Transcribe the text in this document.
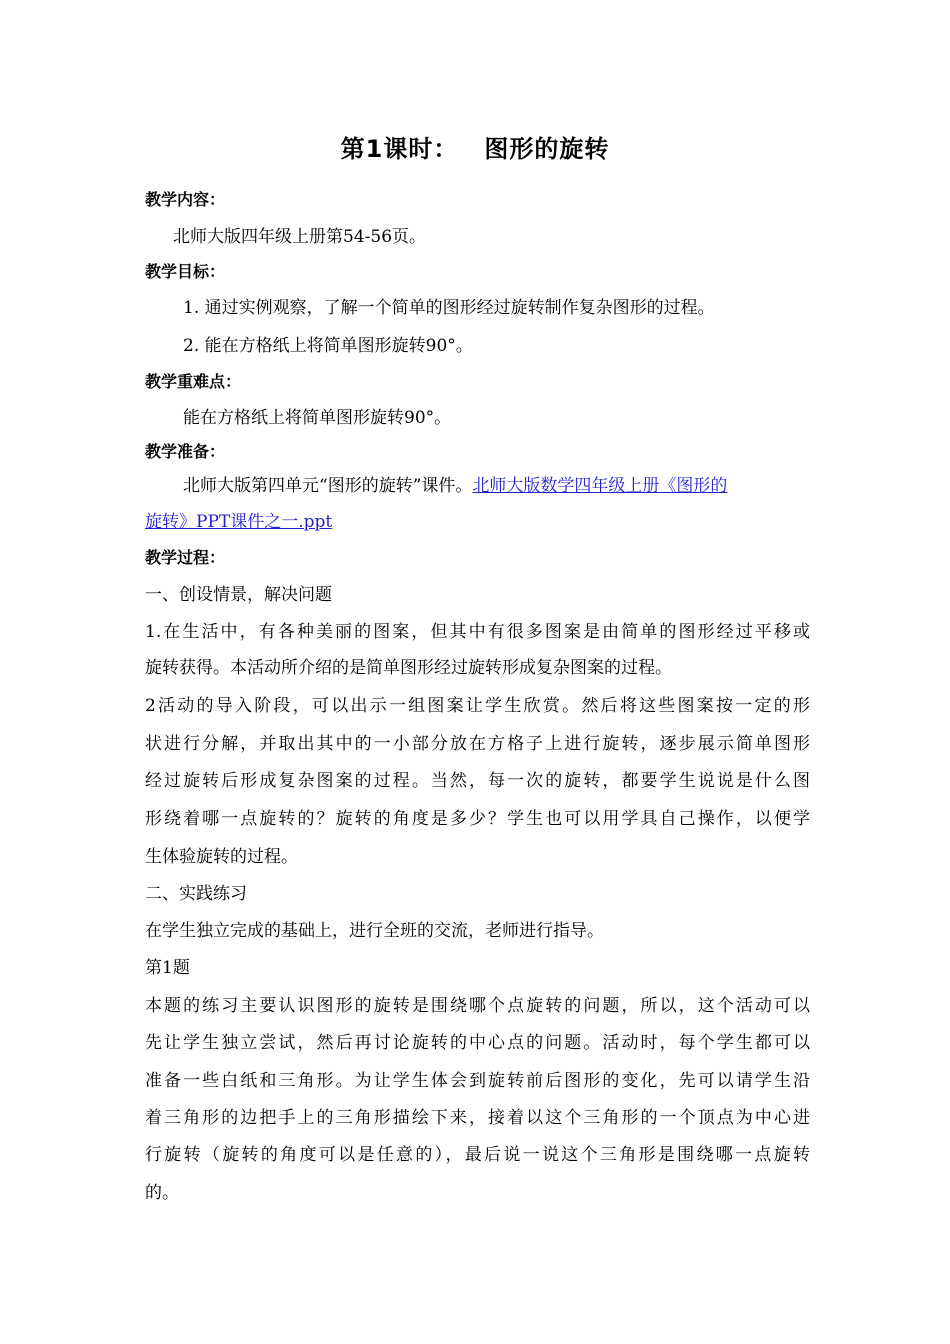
第1课时： 图形的旋转
教学内容：
北师大版四年级上册第54-56页。
教学目标：
1. 通过实例观察，了解一个简单的图形经过旋转制作复杂图形的过程。
2. 能在方格纸上将简单图形旋转90°。
教学重难点：
能在方格纸上将简单图形旋转90°。
教学准备：
北师大版第四单元“图形的旋转”课件。北师大版数学四年级上册《图形的
旋转》PPT课件之一.ppt
教学过程：
一、创设情景，解决问题
1.在生活中，有各种美丽的图案，但其中有很多图案是由简单的图形经过平移或
旋转获得。本活动所介绍的是简单图形经过旋转形成复杂图案的过程。
2活动的导入阶段，可以出示一组图案让学生欣赏。然后将这些图案按一定的形
状进行分解，并取出其中的一小部分放在方格子上进行旋转，逐步展示简单图形
经过旋转后形成复杂图案的过程。当然，每一次的旋转，都要学生说说是什么图
形绕着哪一点旋转的？旋转的角度是多少？学生也可以用学具自己操作，以便学
生体验旋转的过程。
二、实践练习
在学生独立完成的基础上，进行全班的交流，老师进行指导。
第1题
本题的练习主要认识图形的旋转是围绕哪个点旋转的问题，所以，这个活动可以
先让学生独立尝试，然后再讨论旋转的中心点的问题。活动时，每个学生都可以
准备一些白纸和三角形。为让学生体会到旋转前后图形的变化，先可以请学生沿
着三角形的边把手上的三角形描绘下来，接着以这个三角形的一个顶点为中心进
行旋转（旋转的角度可以是任意的），最后说一说这个三角形是围绕哪一点旋转
的。
